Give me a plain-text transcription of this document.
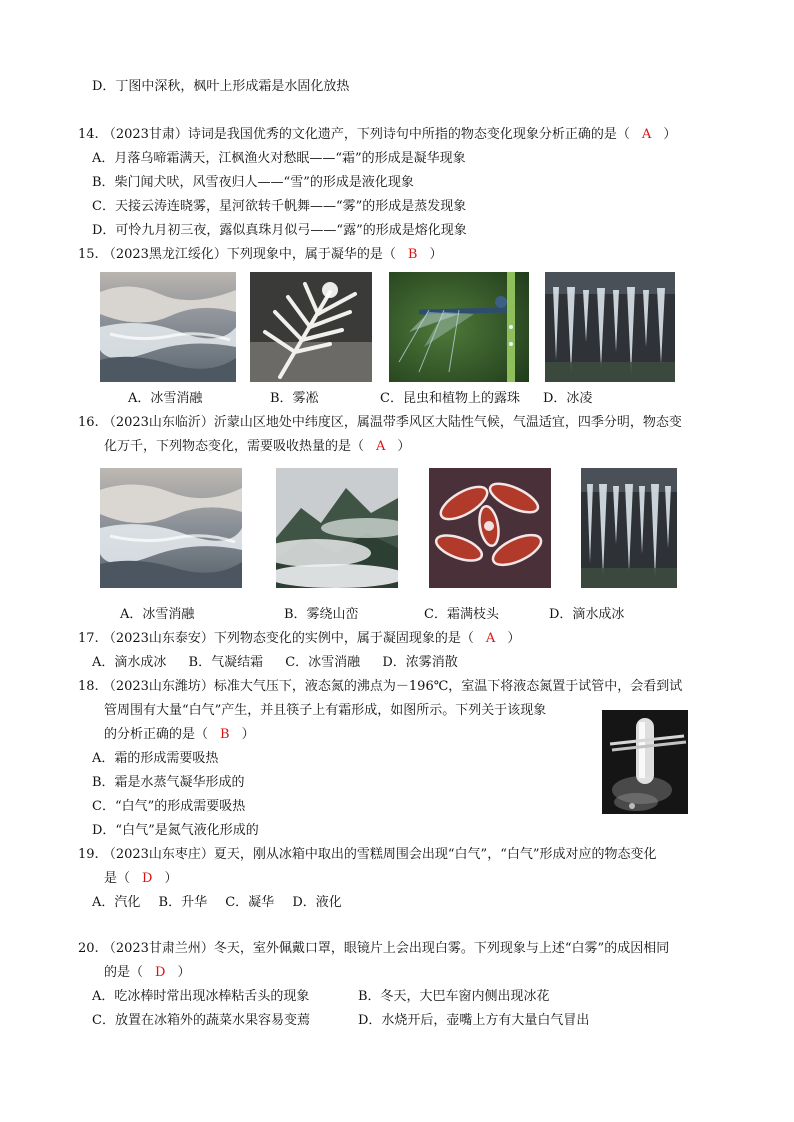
D．丁图中深秋，枫叶上形成霜是水固化放热
14. （2023甘肃）诗词是我国优秀的文化遗产，下列诗句中所指的物态变化现象分析正确的是（ A ）
A．月落乌啼霜满天，江枫渔火对愁眠——“霜”的形成是凝华现象
B．柴门闻犬吠，风雪夜归人——“雪”的形成是液化现象
C．天接云涛连晓雾，星河欲转千帆舞——“雾”的形成是蒸发现象
D．可怜九月初三夜，露似真珠月似弓——“露”的形成是熔化现象
15. （2023黑龙江绥化）下列现象中，属于凝华的是（ B ）
A．冰雪消融	B．雾凇	C．昆虫和植物上的露珠 D．冰凌
16. （2023山东临沂）沂蒙山区地处中纬度区，属温带季风区大陆性气候，气温适宜，四季分明，物态变
化万千，下列物态变化，需要吸收热量的是（ A ）
A．冰雪消融	B．雾绕山峦	C．霜满枝头	D．滴水成冰
17. （2023山东泰安）下列物态变化的实例中，属于凝固现象的是（ A ）
A．滴水成冰 B．气凝结霜 C．冰雪消融 D．浓雾消散
18. （2023山东潍坊）标准大气压下，液态氮的沸点为－196℃，室温下将液态氮置于试管中，会看到试
管周围有大量“白气”产生，并且筷子上有霜形成，如图所示。下列关于该现象
的分析正确的是（ B ）
A．霜的形成需要吸热
B．霜是水蒸气凝华形成的
C．“白气”的形成需要吸热
D．“白气”是氮气液化形成的
19. （2023山东枣庄）夏天，刚从冰箱中取出的雪糕周围会出现“白气”，“白气”形成对应的物态变化
是（ D ）
A．汽化 B．升华 C．凝华 D．液化
20. （2023甘肃兰州）冬天，室外佩戴口罩，眼镜片上会出现白雾。下列现象与上述“白雾”的成因相同
的是（ D ）
A．吃冰棒时常出现冰棒粘舌头的现象	B．冬天，大巴车窗内侧出现冰花
C．放置在冰箱外的蔬菜水果容易变蔫	D．水烧开后，壶嘴上方有大量白气冒出
